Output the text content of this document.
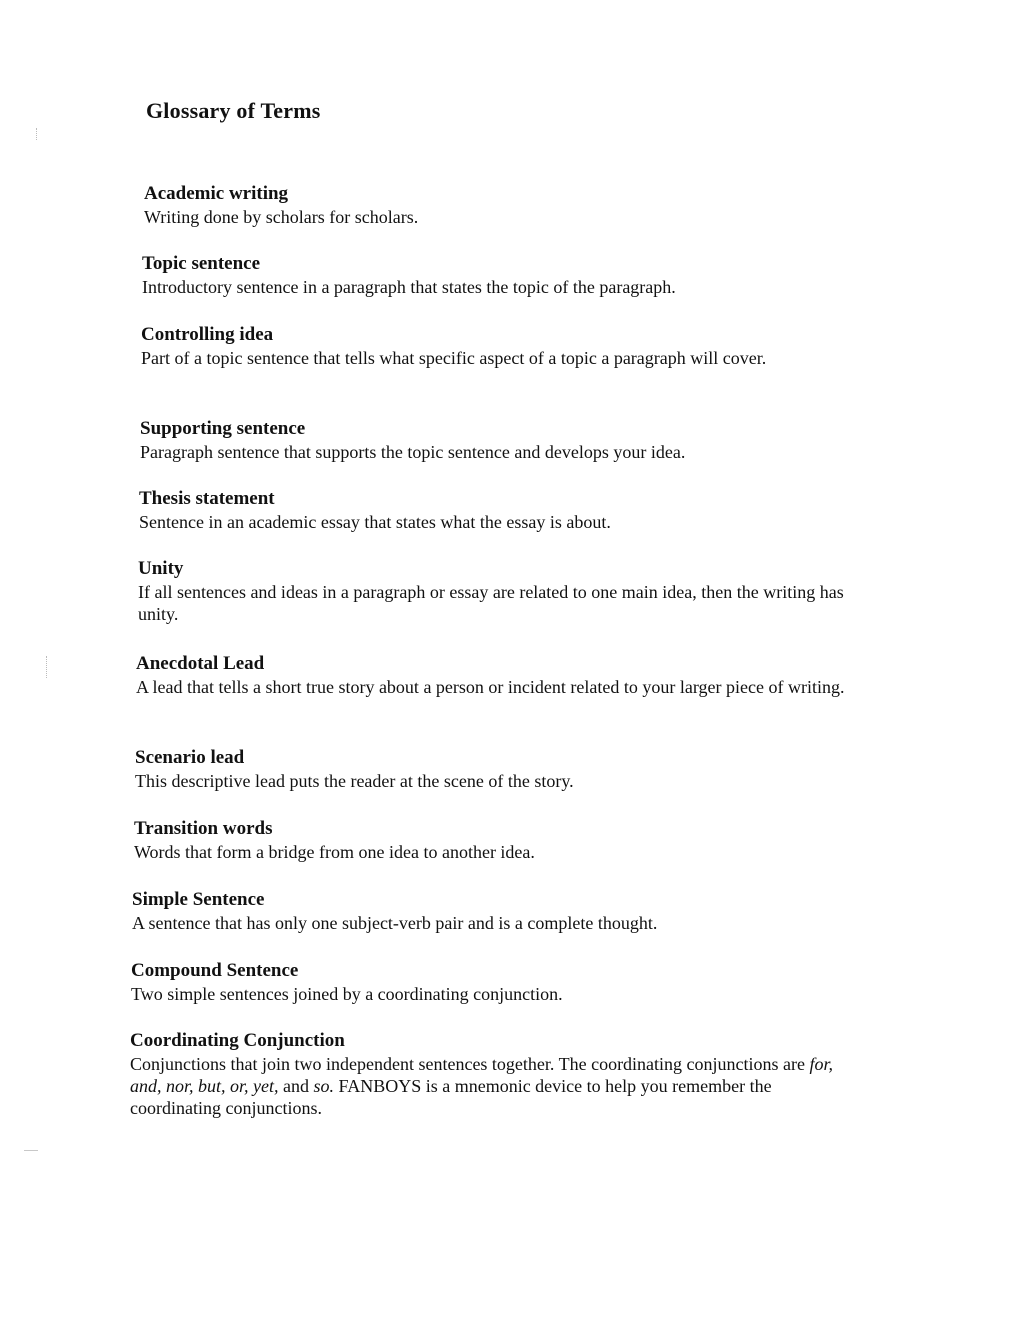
Glossary of Terms

Academic writing

Writing done by scholars for scholars.

Topic sentence

Introductory sentence in a paragraph that states the topic of the paragraph.

Controlling idea

Part of a topic sentence that tells what specific aspect of a topic a paragraph will cover.

Supporting sentence

Paragraph sentence that supports the topic sentence and develops your idea.

Thesis statement

Sentence in an academic essay that states what the essay is about.

Unity

If all sentences and ideas in a paragraph or essay are related to one main idea, then the writing has unity.

Anecdotal Lead

A lead that tells a short true story about a person or incident related to your larger piece of writing.

Scenario lead

This descriptive lead puts the reader at the scene of the story.

Transition words

Words that form a bridge from one idea to another idea.

Simple Sentence

A sentence that has only one subject-verb pair and is a complete thought.

Compound Sentence

Two simple sentences joined by a coordinating conjunction.

Coordinating Conjunction

Conjunctions that join two independent sentences together. The coordinating conjunctions are for, and, nor, but, or, yet, and so. FANBOYS is a mnemonic device to help you remember the coordinating conjunctions.
